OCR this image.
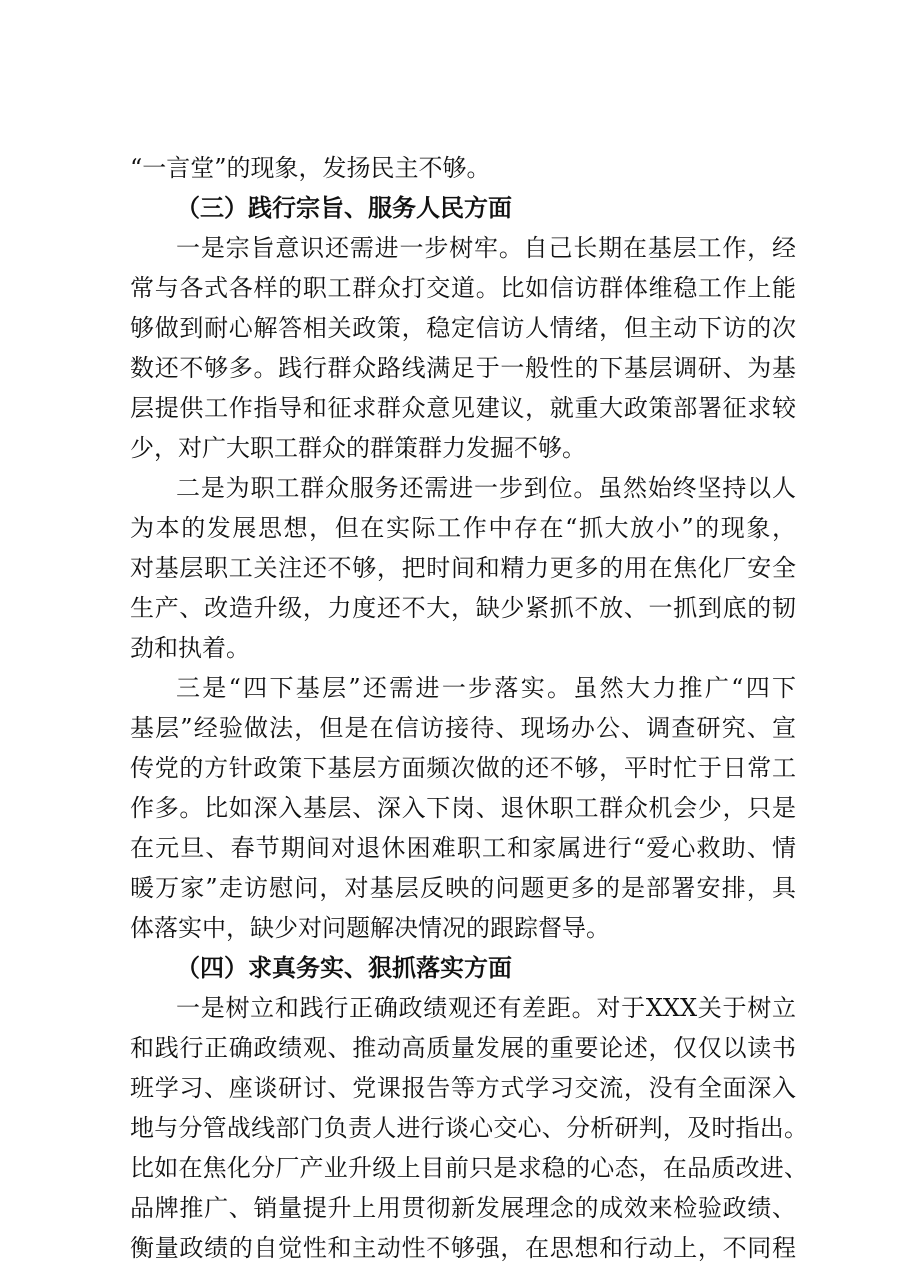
“一言堂”的现象，发扬民主不够。
（三）践行宗旨、服务人民方面
一是宗旨意识还需进一步树牢。自己长期在基层工作，经
常与各式各样的职工群众打交道。比如信访群体维稳工作上能
够做到耐心解答相关政策，稳定信访人情绪，但主动下访的次
数还不够多。践行群众路线满足于一般性的下基层调研、为基
层提供工作指导和征求群众意见建议，就重大政策部署征求较
少，对广大职工群众的群策群力发掘不够。
二是为职工群众服务还需进一步到位。虽然始终坚持以人
为本的发展思想，但在实际工作中存在“抓大放小”的现象，
对基层职工关注还不够，把时间和精力更多的用在焦化厂安全
生产、改造升级，力度还不大，缺少紧抓不放、一抓到底的韧
劲和执着。
三是“四下基层”还需进一步落实。虽然大力推广“四下
基层”经验做法，但是在信访接待、现场办公、调查研究、宣
传党的方针政策下基层方面频次做的还不够，平时忙于日常工
作多。比如深入基层、深入下岗、退休职工群众机会少，只是
在元旦、春节期间对退休困难职工和家属进行“爱心救助、情
暖万家”走访慰问，对基层反映的问题更多的是部署安排，具
体落实中，缺少对问题解决情况的跟踪督导。
（四）求真务实、狠抓落实方面
一是树立和践行正确政绩观还有差距。对于XXX关于树立
和践行正确政绩观、推动高质量发展的重要论述，仅仅以读书
班学习、座谈研讨、党课报告等方式学习交流，没有全面深入
地与分管战线部门负责人进行谈心交心、分析研判，及时指出。
比如在焦化分厂产业升级上目前只是求稳的心态，在品质改进、
品牌推广、销量提升上用贯彻新发展理念的成效来检验政绩、
衡量政绩的自觉性和主动性不够强，在思想和行动上，不同程
